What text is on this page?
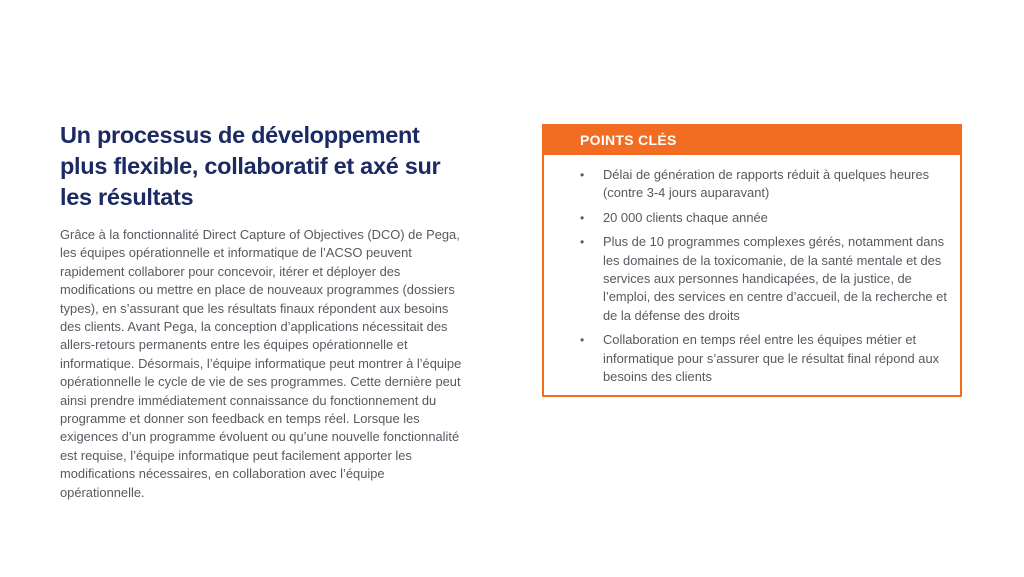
Un processus de développement plus flexible, collaboratif et axé sur les résultats

Grâce à la fonctionnalité Direct Capture of Objectives (DCO) de Pega, les équipes opérationnelle et informatique de l’ACSO peuvent rapidement collaborer pour concevoir, itérer et déployer des modifications ou mettre en place de nouveaux programmes (dossiers types), en s’assurant que les résultats finaux répondent aux besoins des clients. Avant Pega, la conception d’applications nécessitait des allers-retours permanents entre les équipes opérationnelle et informatique. Désormais, l’équipe informatique peut montrer à l’équipe opérationnelle le cycle de vie de ses programmes. Cette dernière peut ainsi prendre immédiatement connaissance du fonctionnement du programme et donner son feedback en temps réel. Lorsque les exigences d’un programme évoluent ou qu’une nouvelle fonctionnalité est requise, l’équipe informatique peut facilement apporter les modifications nécessaires, en collaboration avec l’équipe opérationnelle.

POINTS CLÉS
• Délai de génération de rapports réduit à quelques heures (contre 3-4 jours auparavant)
• 20 000 clients chaque année
• Plus de 10 programmes complexes gérés, notamment dans les domaines de la toxicomanie, de la santé mentale et des services aux personnes handicapées, de la justice, de l’emploi, des services en centre d’accueil, de la recherche et de la défense des droits
• Collaboration en temps réel entre les équipes métier et informatique pour s’assurer que le résultat final répond aux besoins des clients
